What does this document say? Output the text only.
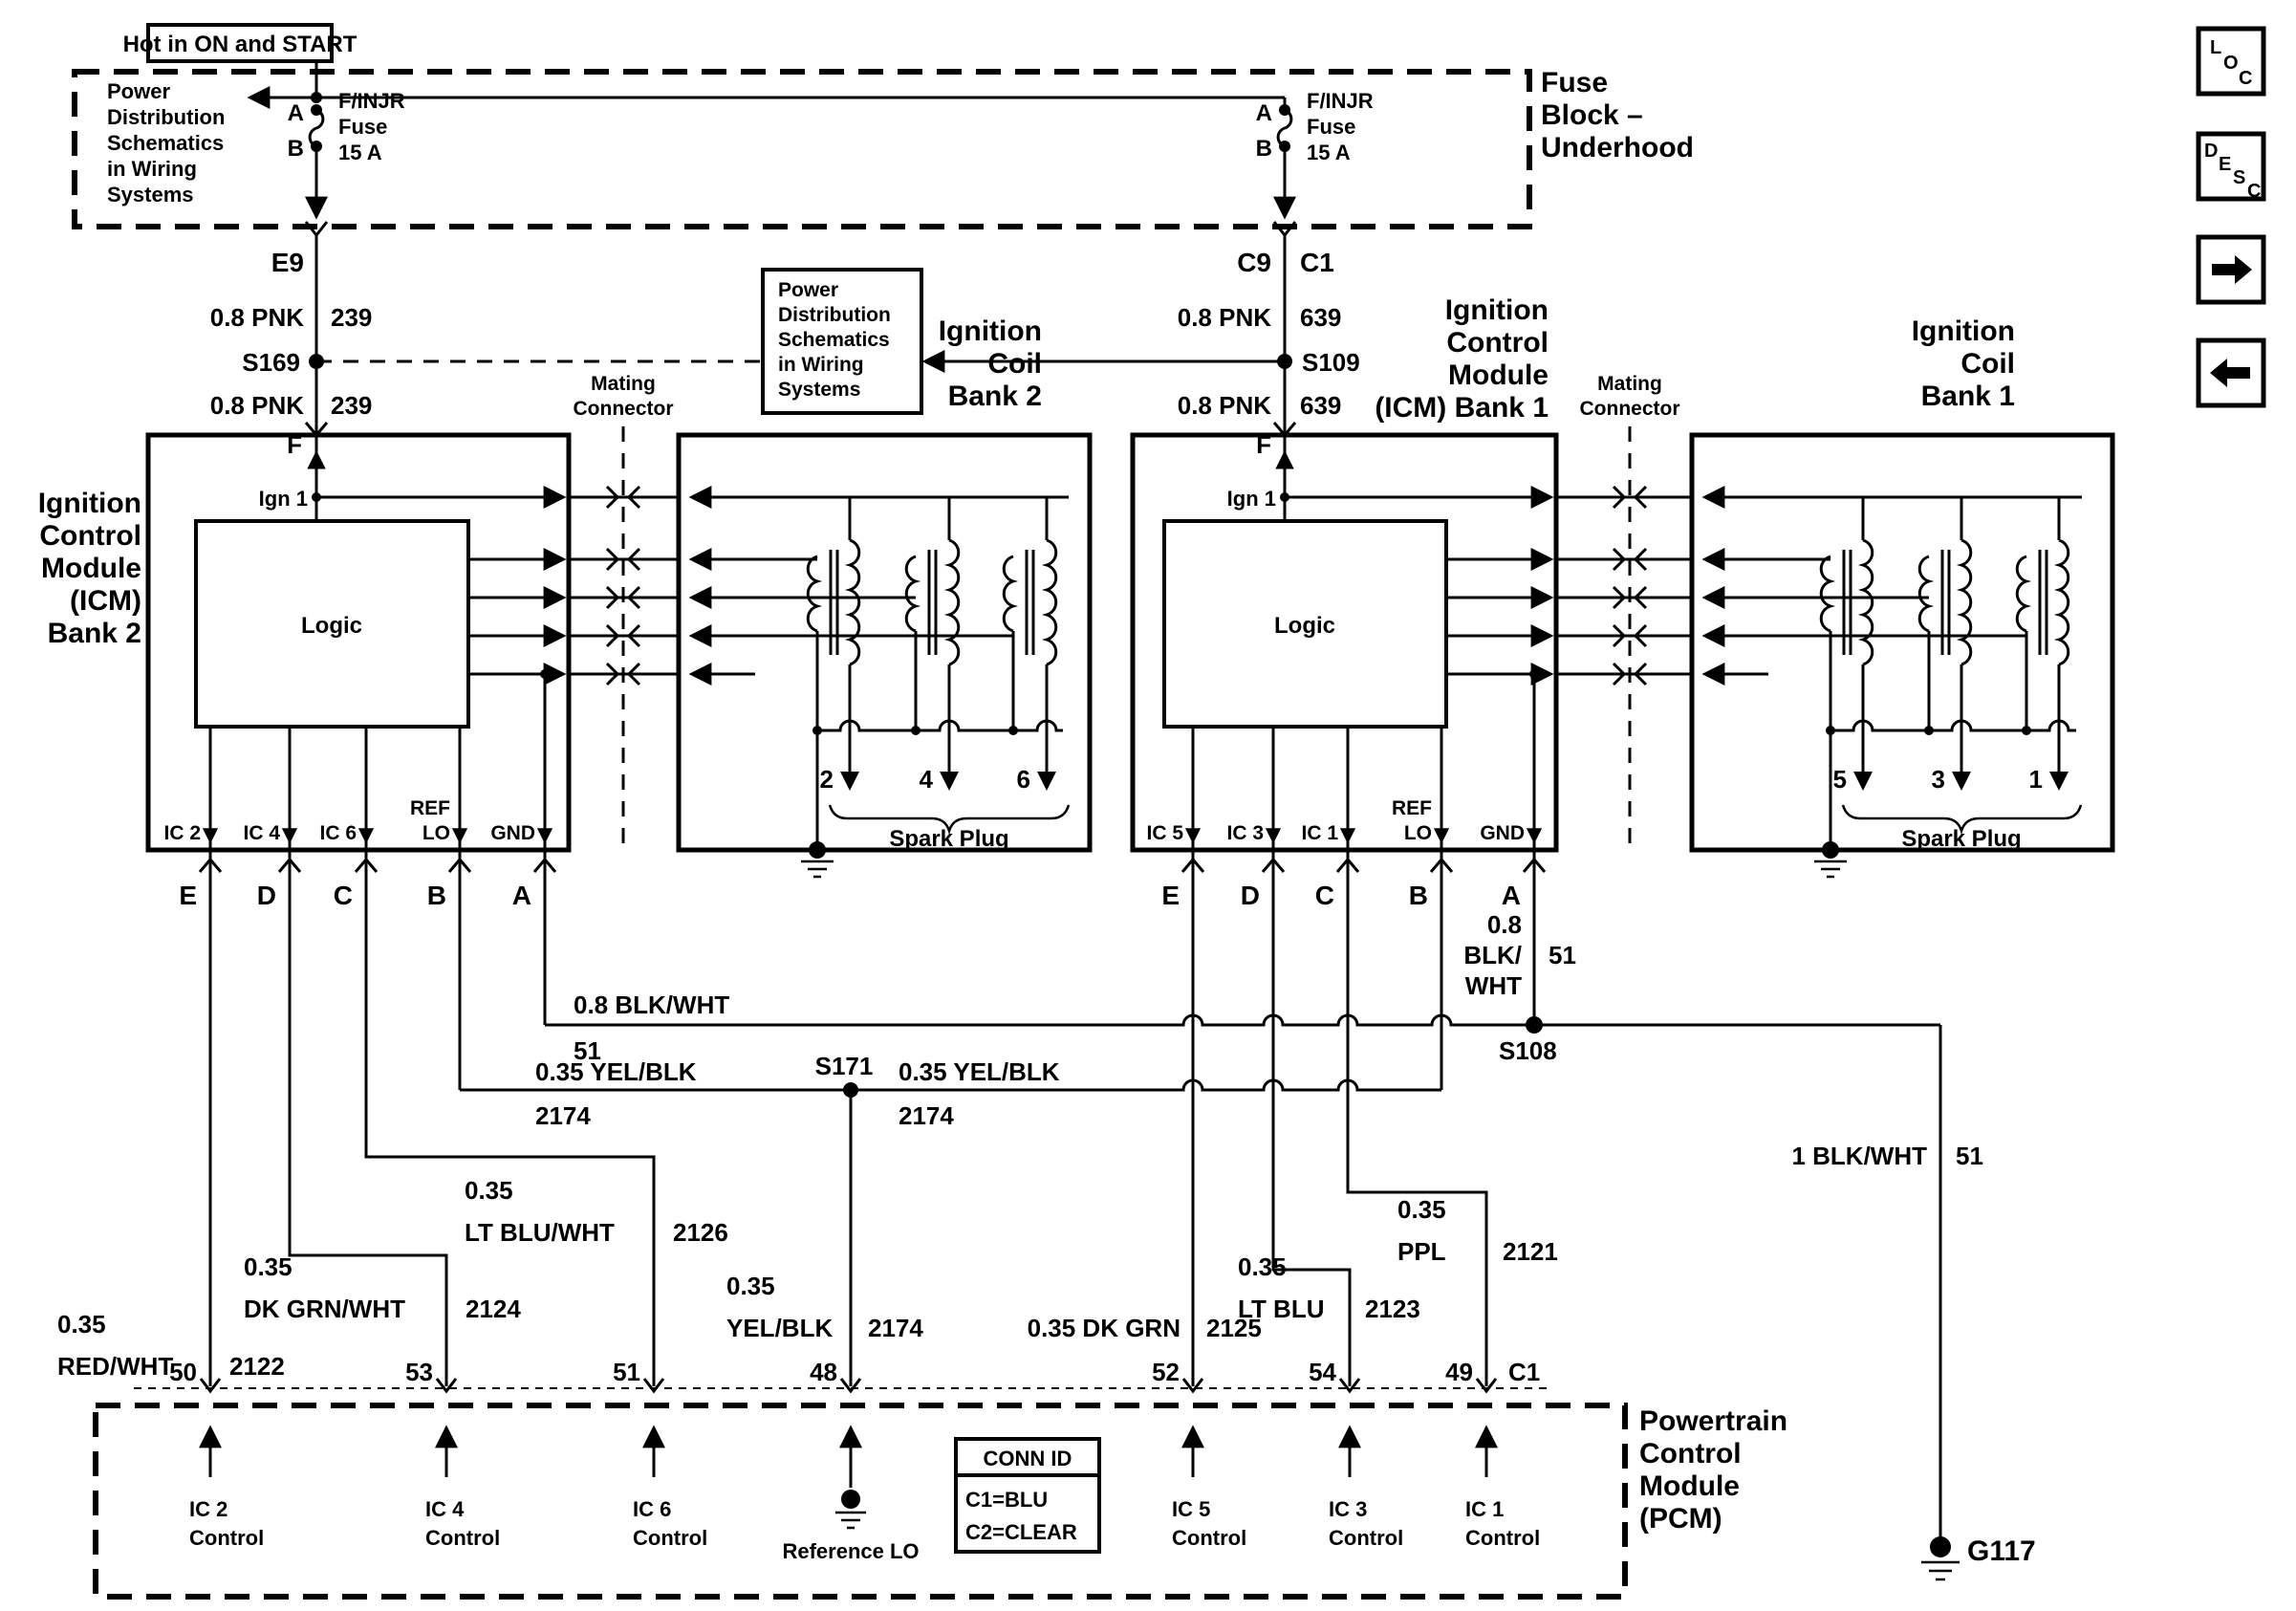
Hot in ON and START
Power
Distribution
Schematics
in Wiring
Systems
Fuse
Block –
Underhood
A
B
F/INJR
Fuse
15 A
A
B
F/INJR
Fuse
15 A
E9
0.8 PNK 239
S169
0.8 PNK 239
F
C9 C1
0.8 PNK 639
S109
0.8 PNK 639
F
Power
Distribution
Schematics
in Wiring
Systems
Ignition
Coil
Bank 2
Ignition
Control
Module
(ICM) Bank 1
Ignition
Coil
Bank 1
Ignition
Control
Module
(ICM)
Bank 2
Mating
Connector
Mating
Connector
Ign 1
Logic
IC 2 IC 4 IC 6
REF
LO GND
2	4	6
Spark Plug
Ign 1
Logic
IC 5 IC 3 IC 1
REF
LO GND
5	3	1
Spark Plug
E D C	B A	E D C	B	A
0.8 BLK/WHT
51
0.8
BLK/
WHT
51
S108
0.35 YEL/BLK
2174
S171 0.35 YEL/BLK
2174
1 BLK/WHT 51
0.35
RED/WHT 2122
0.35
DK GRN/WHT 2124
0.35
LT BLU/WHT 2126
0.35
YEL/BLK 2174	0.35 DK GRN 2125
0.35
LT BLU 2123
0.35
PPL 2121
50	53	51	48	52	54	49 C1
IC 2
Control
IC 4
Control
IC 6
Control
IC 5
Control
IC 3
Control
IC 1
Control
Reference LO
CONN ID
C1=BLU
C2=CLEAR
Powertrain
Control
Module
(PCM)
G117
L
O
C
D
E
S
C
